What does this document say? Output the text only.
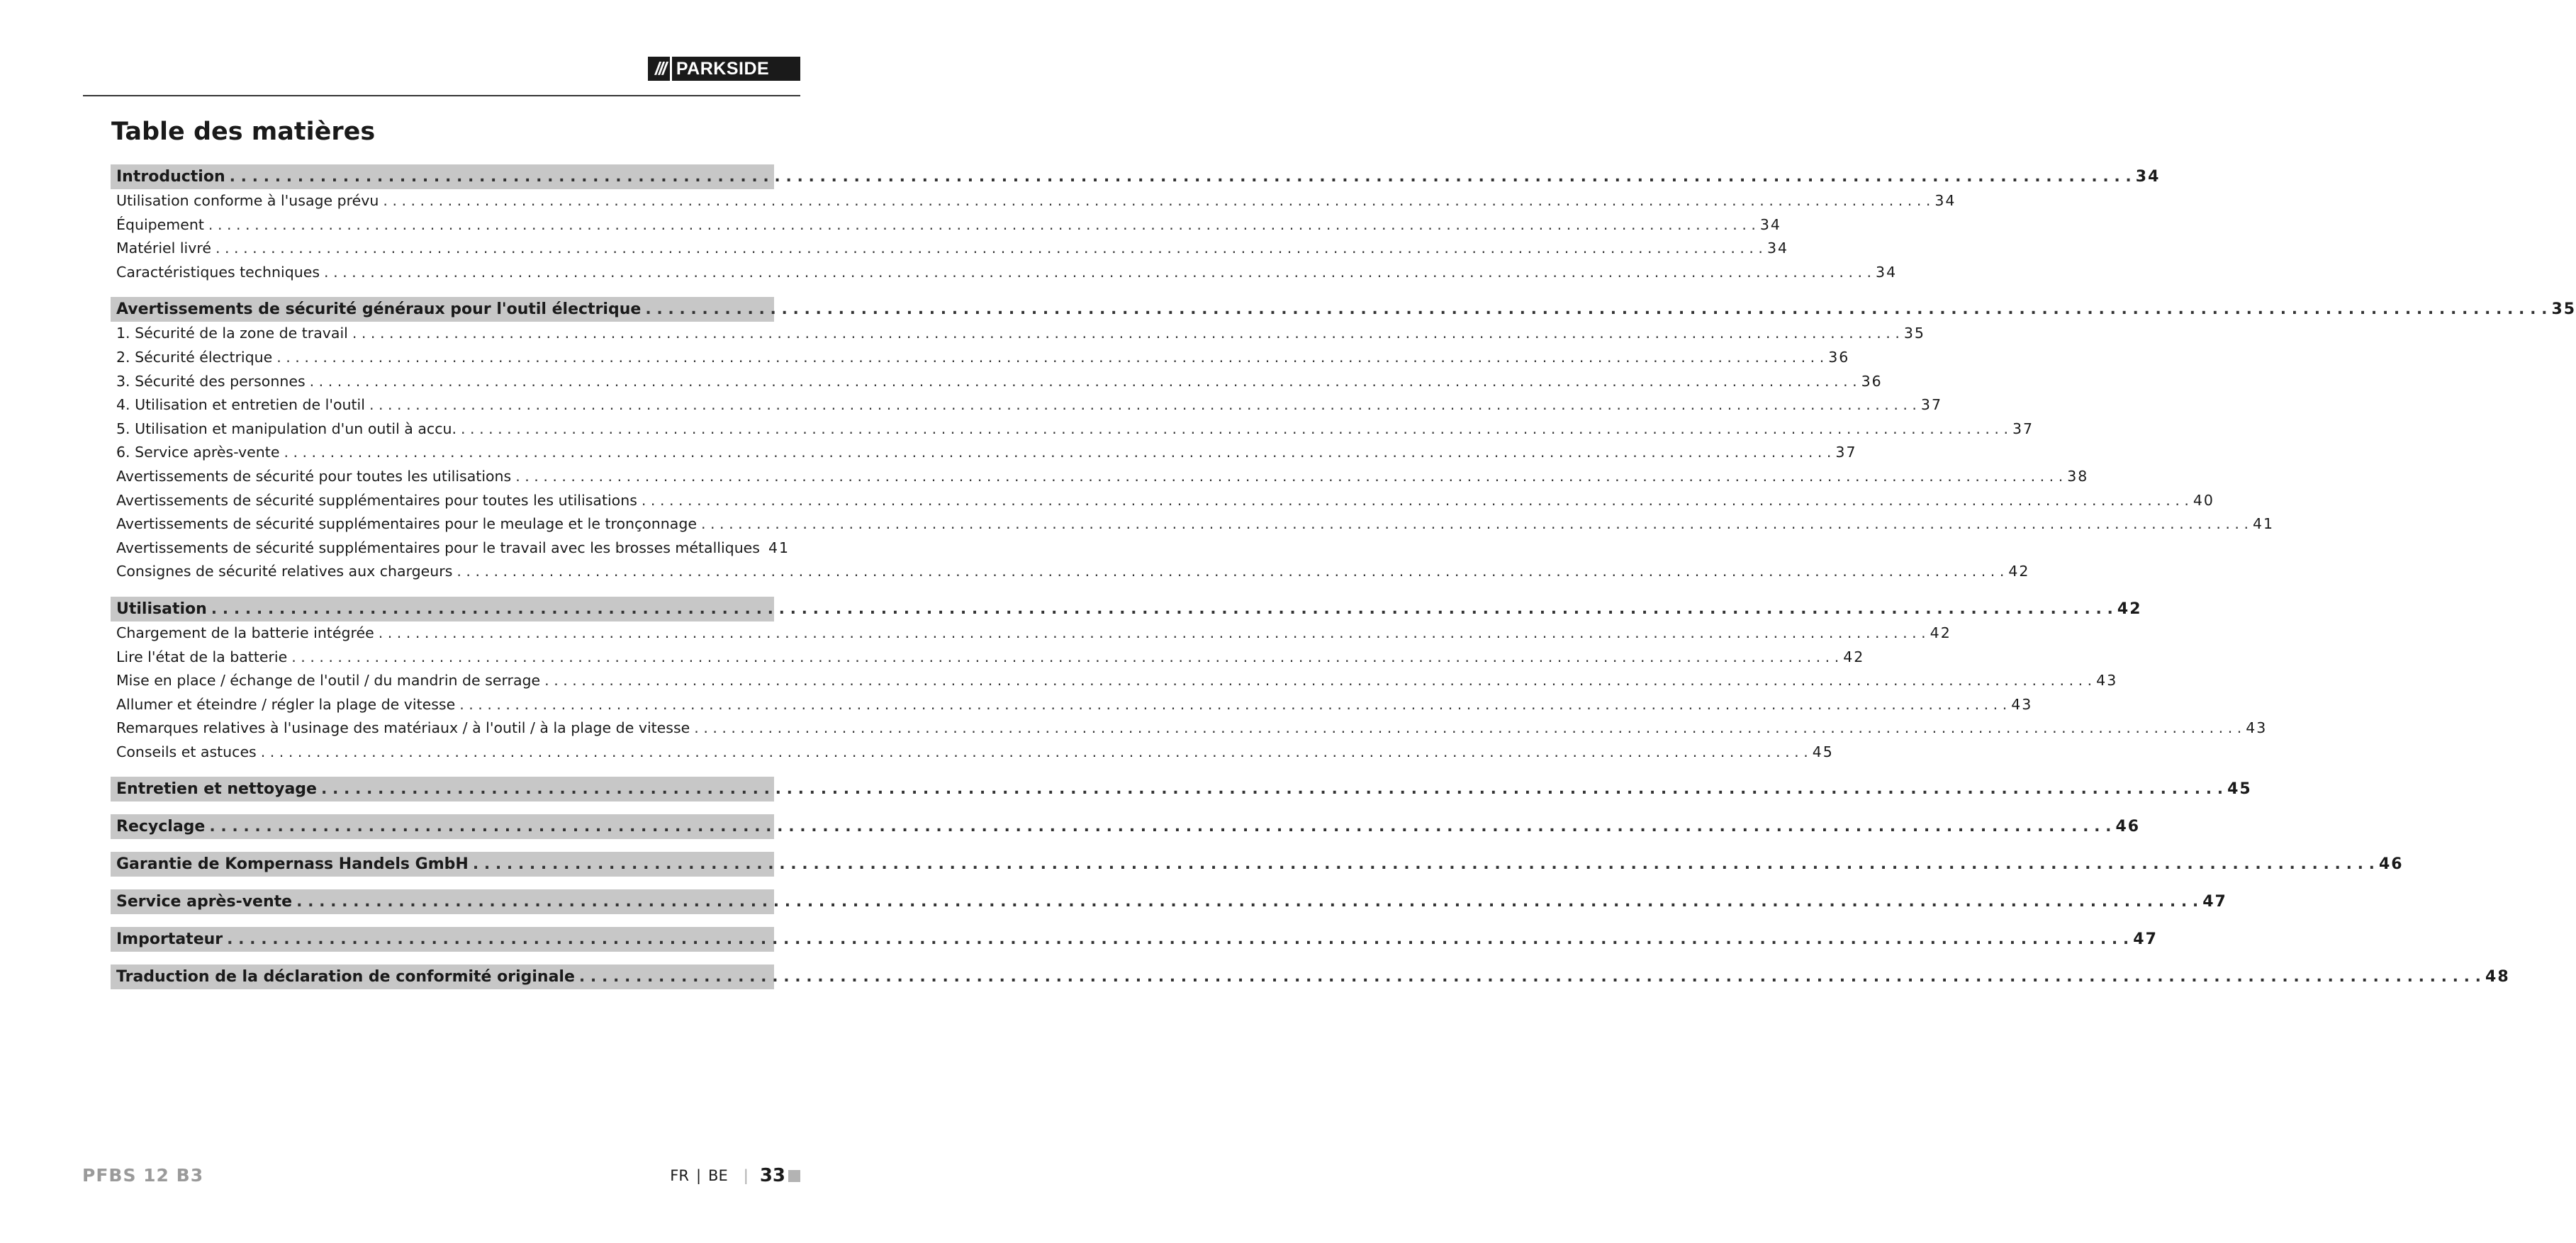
/// PARKSIDE
Table des matières
Introduction . . .	34
Utilisation conforme à l'usage prévu . . .	34
Équipement . . .	34
Matériel livré . . .	34
Caractéristiques techniques . . .	34
Avertissements de sécurité généraux pour l'outil électrique . . .	35
1. Sécurité de la zone de travail . . .	35
2. Sécurité électrique . . .	36
3. Sécurité des personnes . . .	36
4. Utilisation et entretien de l'outil . . .	37
5. Utilisation et manipulation d'un outil à accu. . . .	37
6. Service après-vente . . .	37
Avertissements de sécurité pour toutes les utilisations . . .	38
Avertissements de sécurité supplémentaires pour toutes les utilisations . . .	40
Avertissements de sécurité supplémentaires pour le meulage et le tronçonnage . . .	41
Avertissements de sécurité supplémentaires pour le travail avec les brosses métalliques 41
Consignes de sécurité relatives aux chargeurs . . .	42
Utilisation . . .	42
Chargement de la batterie intégrée . . .	42
Lire l'état de la batterie . . .	42
Mise en place / échange de l'outil / du mandrin de serrage . . .	43
Allumer et éteindre / régler la plage de vitesse . . .	43
Remarques relatives à l'usinage des matériaux / à l'outil / à la plage de vitesse . . .	43
Conseils et astuces . . .	45
Entretien et nettoyage . . .	45
Recyclage . . .	46
Garantie de Kompernass Handels GmbH . . .	46
Service après-vente . . .	47
Importateur . . .	47
Traduction de la déclaration de conformité originale . . .	48
PFBS 12 B3	FR | BE | 33
